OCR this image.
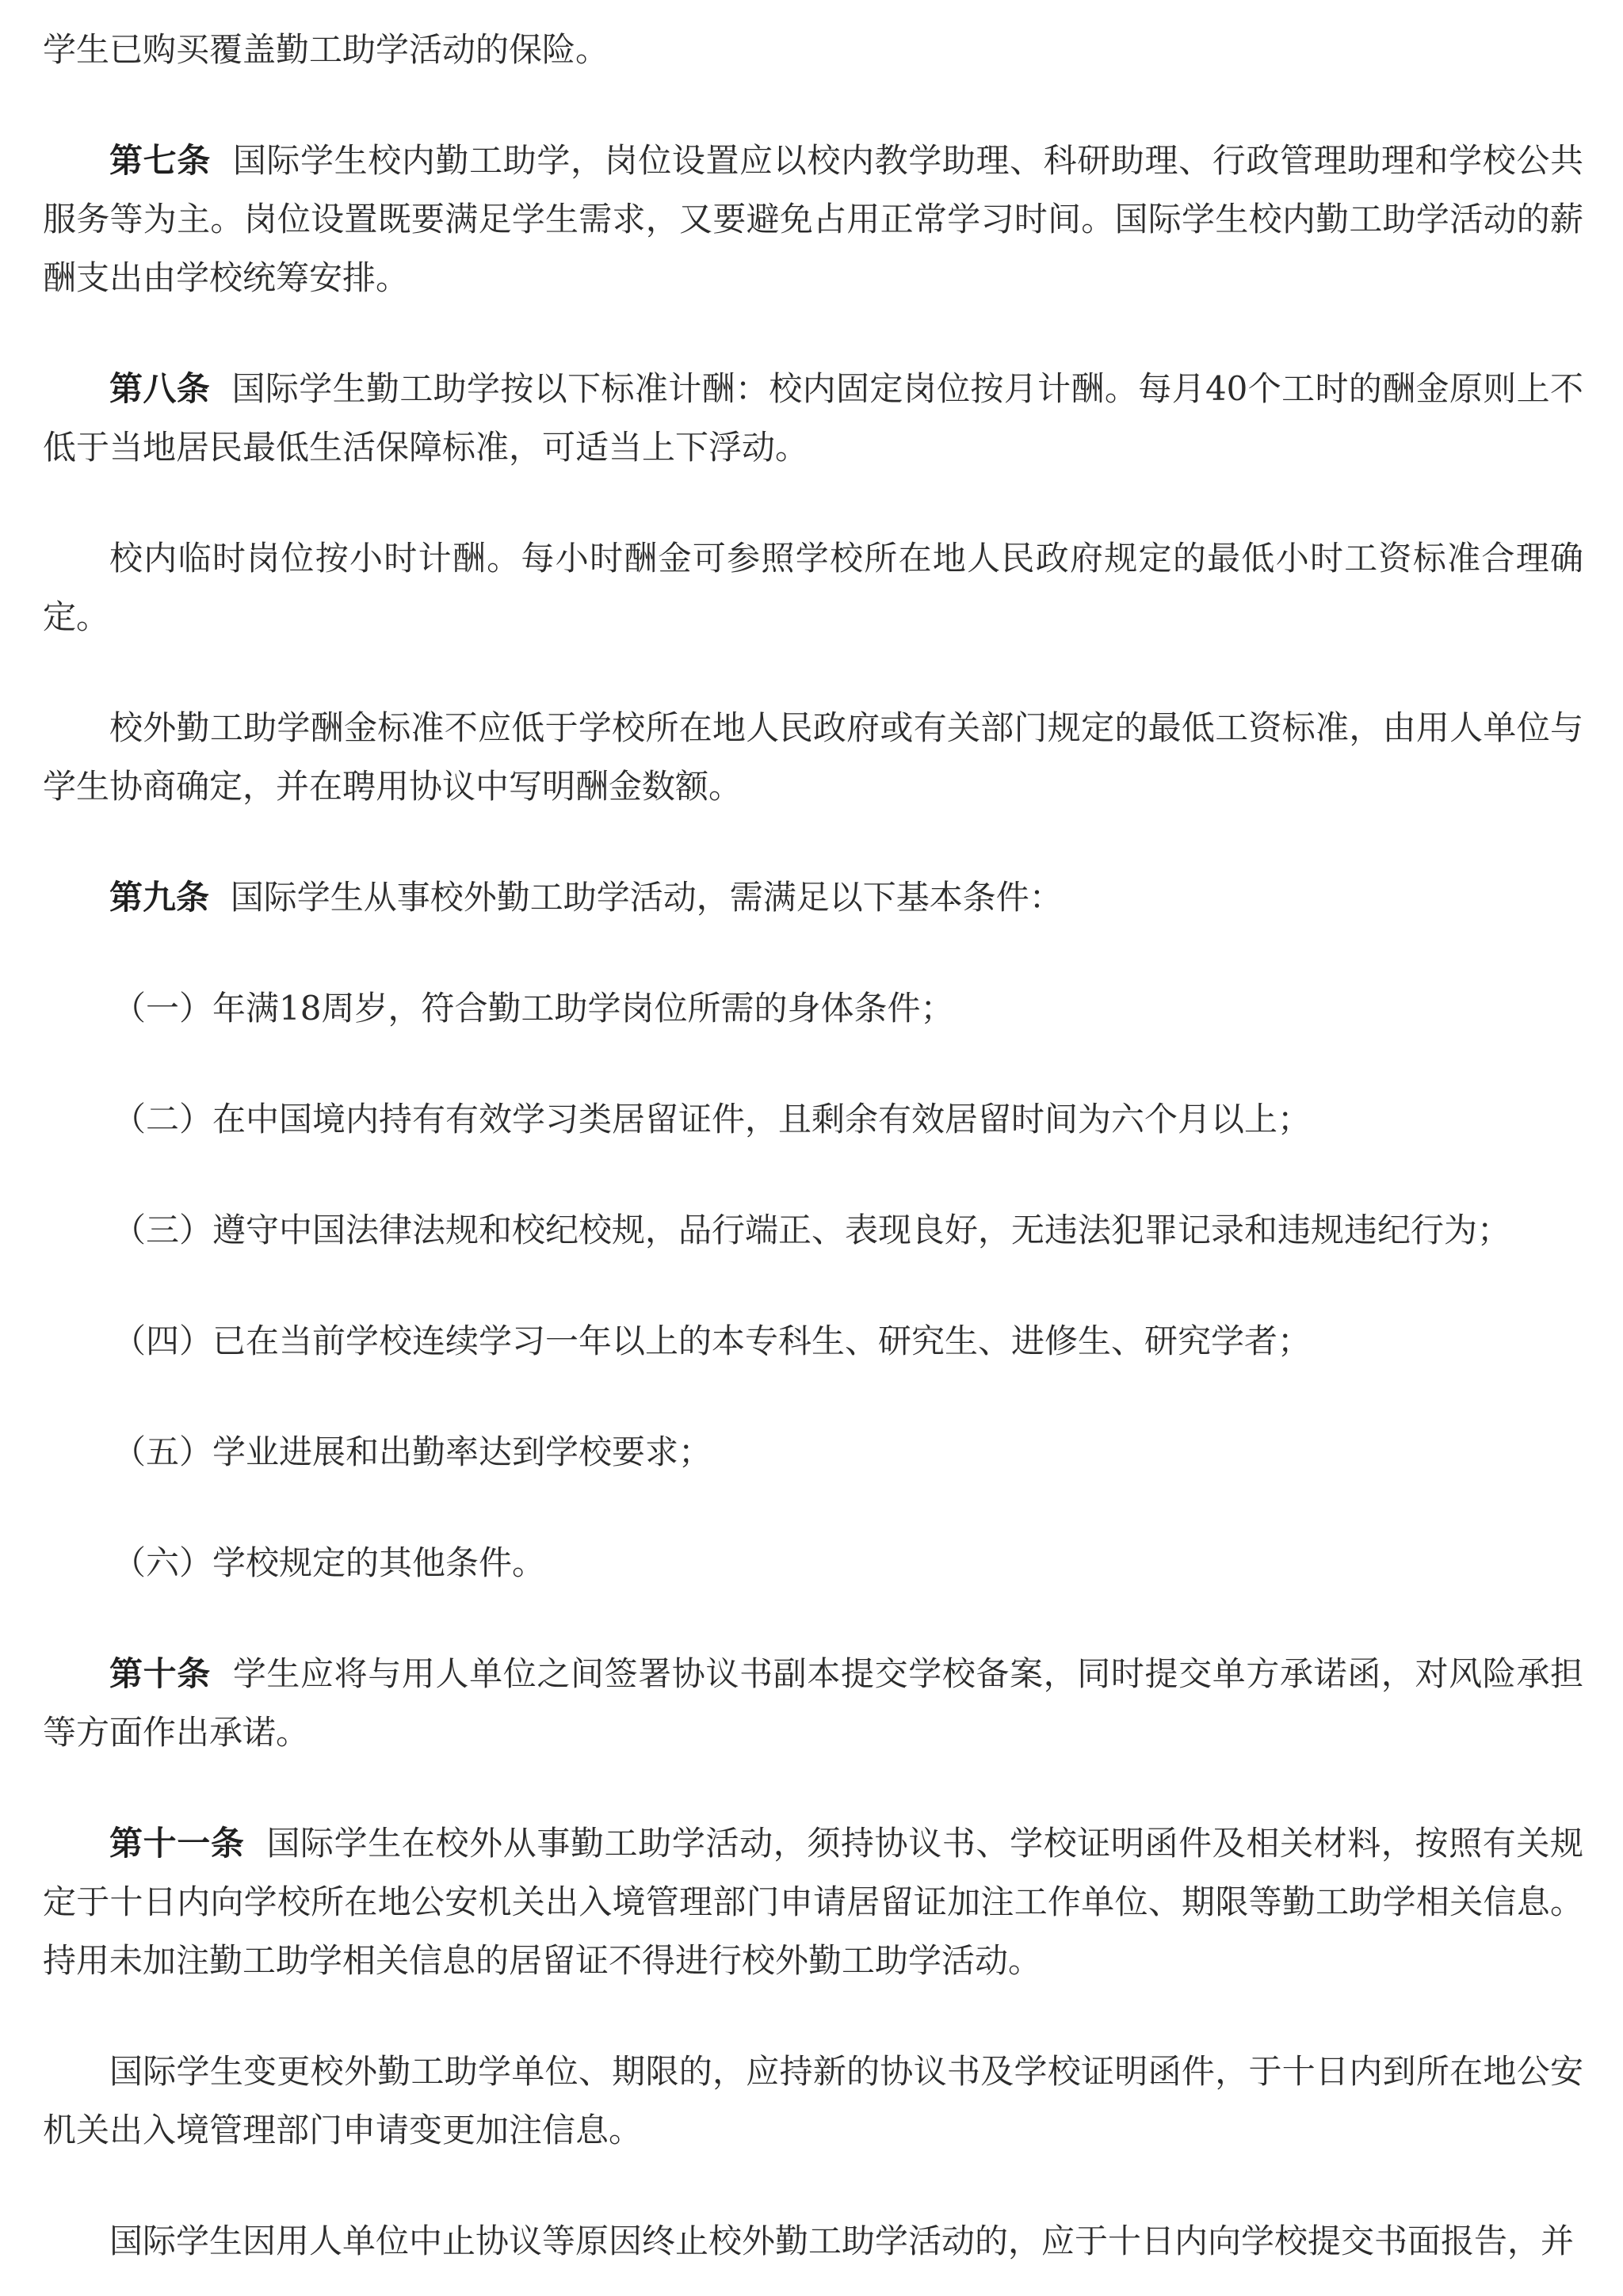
学生已购买覆盖勤工助学活动的保险。

第七条 国际学生校内勤工助学，岗位设置应以校内教学助理、科研助理、行政管理助理和学校公共服务等为主。岗位设置既要满足学生需求，又要避免占用正常学习时间。国际学生校内勤工助学活动的薪酬支出由学校统筹安排。

第八条 国际学生勤工助学按以下标准计酬：校内固定岗位按月计酬。每月40个工时的酬金原则上不低于当地居民最低生活保障标准，可适当上下浮动。

校内临时岗位按小时计酬。每小时酬金可参照学校所在地人民政府规定的最低小时工资标准合理确定。

校外勤工助学酬金标准不应低于学校所在地人民政府或有关部门规定的最低工资标准，由用人单位与学生协商确定，并在聘用协议中写明酬金数额。

第九条 国际学生从事校外勤工助学活动，需满足以下基本条件：

（一）年满18周岁，符合勤工助学岗位所需的身体条件；

（二）在中国境内持有有效学习类居留证件，且剩余有效居留时间为六个月以上；

（三）遵守中国法律法规和校纪校规，品行端正、表现良好，无违法犯罪记录和违规违纪行为；

（四）已在当前学校连续学习一年以上的本专科生、研究生、进修生、研究学者；

（五）学业进展和出勤率达到学校要求；

（六）学校规定的其他条件。

第十条 学生应将与用人单位之间签署协议书副本提交学校备案，同时提交单方承诺函，对风险承担等方面作出承诺。

第十一条 国际学生在校外从事勤工助学活动，须持协议书、学校证明函件及相关材料，按照有关规定于十日内向学校所在地公安机关出入境管理部门申请居留证加注工作单位、期限等勤工助学相关信息。持用未加注勤工助学相关信息的居留证不得进行校外勤工助学活动。

国际学生变更校外勤工助学单位、期限的，应持新的协议书及学校证明函件，于十日内到所在地公安机关出入境管理部门申请变更加注信息。

国际学生因用人单位中止协议等原因终止校外勤工助学活动的，应于十日内向学校提交书面报告，并
